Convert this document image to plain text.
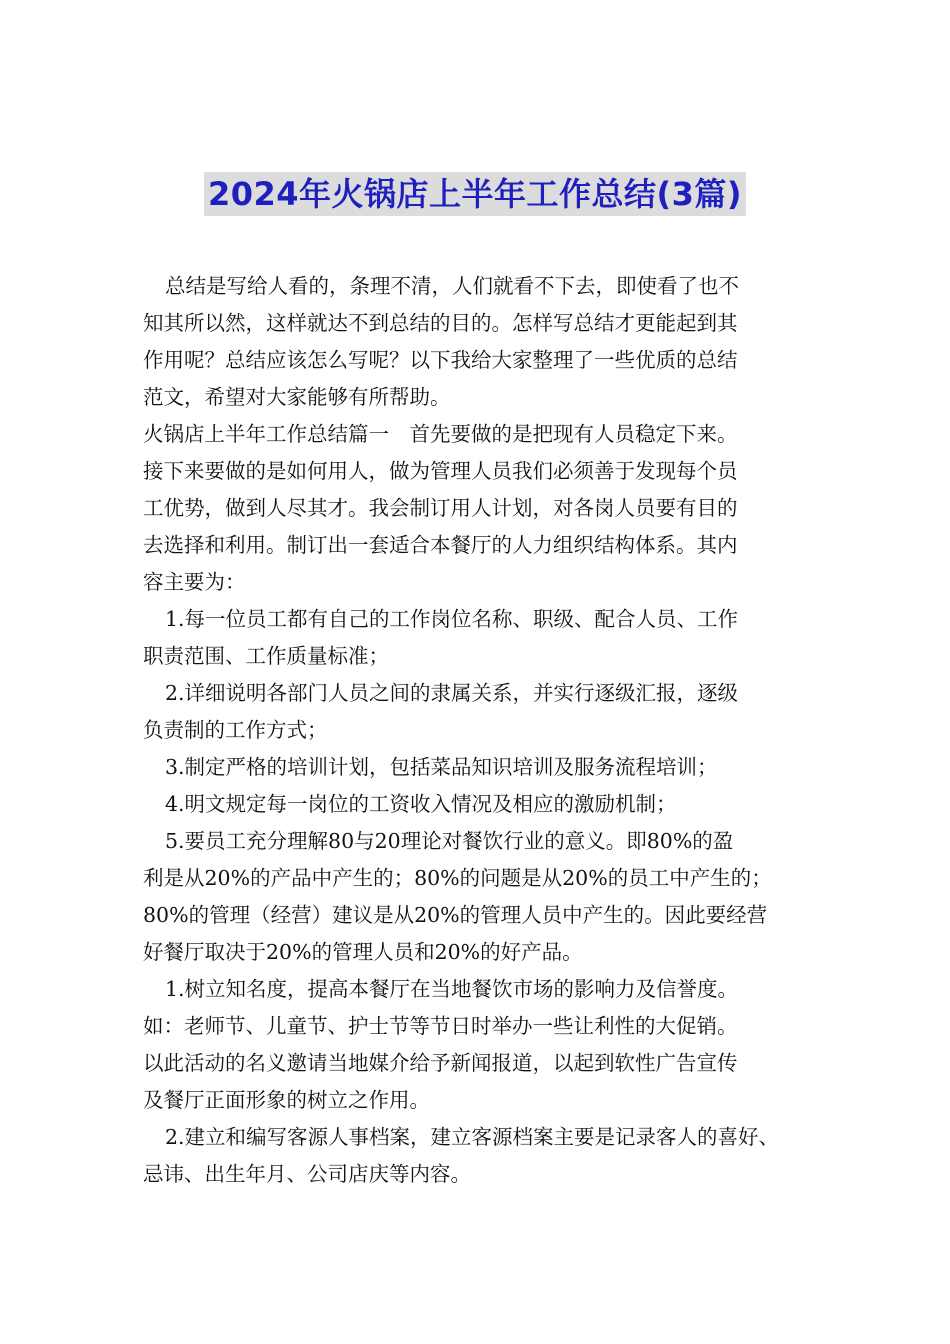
2024年火锅店上半年工作总结(3篇)
总结是写给人看的，条理不清，人们就看不下去，即使看了也不
知其所以然，这样就达不到总结的目的。怎样写总结才更能起到其
作用呢？总结应该怎么写呢？以下我给大家整理了一些优质的总结
范文，希望对大家能够有所帮助。
火锅店上半年工作总结篇一　首先要做的是把现有人员稳定下来。
接下来要做的是如何用人，做为管理人员我们必须善于发现每个员
工优势，做到人尽其才。我会制订用人计划，对各岗人员要有目的
去选择和利用。制订出一套适合本餐厅的人力组织结构体系。其内
容主要为：
1.每一位员工都有自己的工作岗位名称、职级、配合人员、工作
职责范围、工作质量标准；
2.详细说明各部门人员之间的隶属关系，并实行逐级汇报，逐级
负责制的工作方式；
3.制定严格的培训计划，包括菜品知识培训及服务流程培训；
4.明文规定每一岗位的工资收入情况及相应的激励机制；
5.要员工充分理解80与20理论对餐饮行业的意义。即80%的盈
利是从20%的产品中产生的；80%的问题是从20%的员工中产生的；
80%的管理（经营）建议是从20%的管理人员中产生的。因此要经营
好餐厅取决于20%的管理人员和20%的好产品。
1.树立知名度，提高本餐厅在当地餐饮市场的影响力及信誉度。
如：老师节、儿童节、护士节等节日时举办一些让利性的大促销。
以此活动的名义邀请当地媒介给予新闻报道，以起到软性广告宣传
及餐厅正面形象的树立之作用。
2.建立和编写客源人事档案，建立客源档案主要是记录客人的喜好、
忌讳、出生年月、公司店庆等内容。
